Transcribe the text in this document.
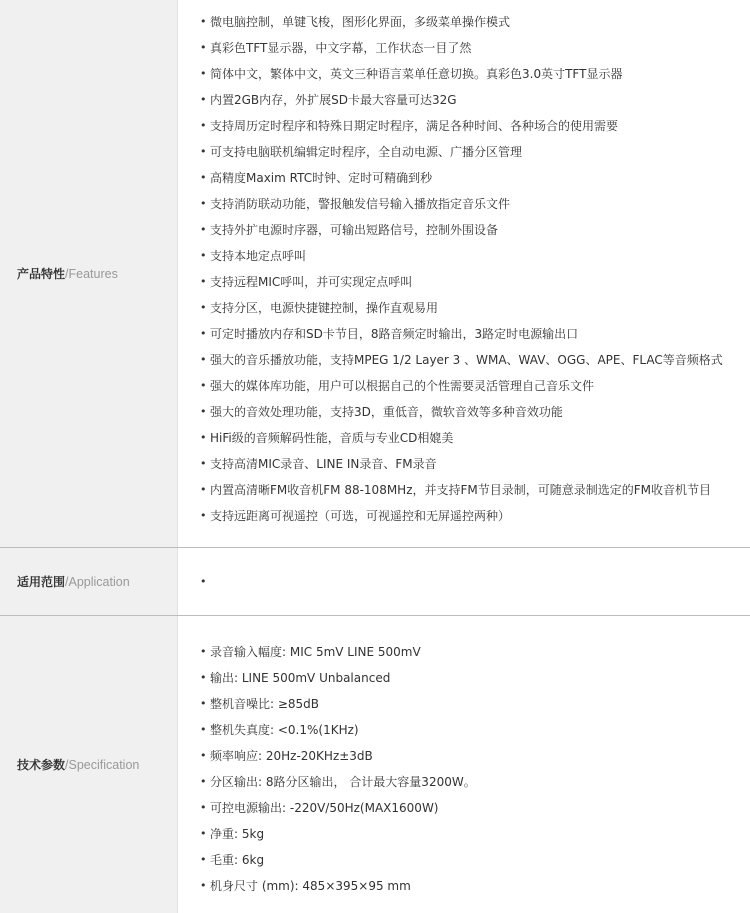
产品特性 /Features
• 微电脑控制，单键飞梭，图形化界面，多级菜单操作模式
• 真彩色TFT显示器，中文字幕，工作状态一目了然
• 简体中文，繁体中文，英文三种语言菜单任意切换。真彩色3.0英寸TFT显示器
• 内置2GB内存，外扩展SD卡最大容量可达32G
• 支持周历定时程序和特殊日期定时程序，满足各种时间、各种场合的使用需要
• 可支持电脑联机编辑定时程序，全自动电源、广播分区管理
• 高精度Maxim RTC时钟、定时可精确到秒
• 支持消防联动功能，警报触发信号输入播放指定音乐文件
• 支持外扩电源时序器，可输出短路信号，控制外围设备
• 支持本地定点呼叫
• 支持远程MIC呼叫，并可实现定点呼叫
• 支持分区，电源快捷键控制，操作直观易用
• 可定时播放内存和SD卡节目，8路音频定时输出，3路定时电源输出口
• 强大的音乐播放功能，支持MPEG 1/2 Layer 3 、WMA、WAV、OGG、APE、FLAC等音频格式
• 强大的媒体库功能，用户可以根据自己的个性需要灵活管理自己音乐文件
• 强大的音效处理功能，支持3D，重低音，微软音效等多种音效功能
• HiFi级的音频解码性能，音质与专业CD相媲美
• 支持高清MIC录音、LINE IN录音、FM录音
• 内置高清晰FM收音机FM 88-108MHz，并支持FM节目录制，可随意录制选定的FM收音机节目
• 支持远距离可视遥控（可选，可视遥控和无屏遥控两种）
适用范围 /Application	•
技术参数 /Specification
• 录音输入幅度: MIC 5mV LINE 500mV
• 输出: LINE 500mV Unbalanced
• 整机音噪比: ≥85dB
• 整机失真度: <0.1%(1KHz)
• 频率响应: 20Hz-20KHz±3dB
• 分区输出: 8路分区输出， 合计最大容量3200W。
• 可控电源输出: -220V/50Hz(MAX1600W)
• 净重: 5kg
• 毛重: 6kg
• 机身尺寸 (mm): 485×395×95 mm
